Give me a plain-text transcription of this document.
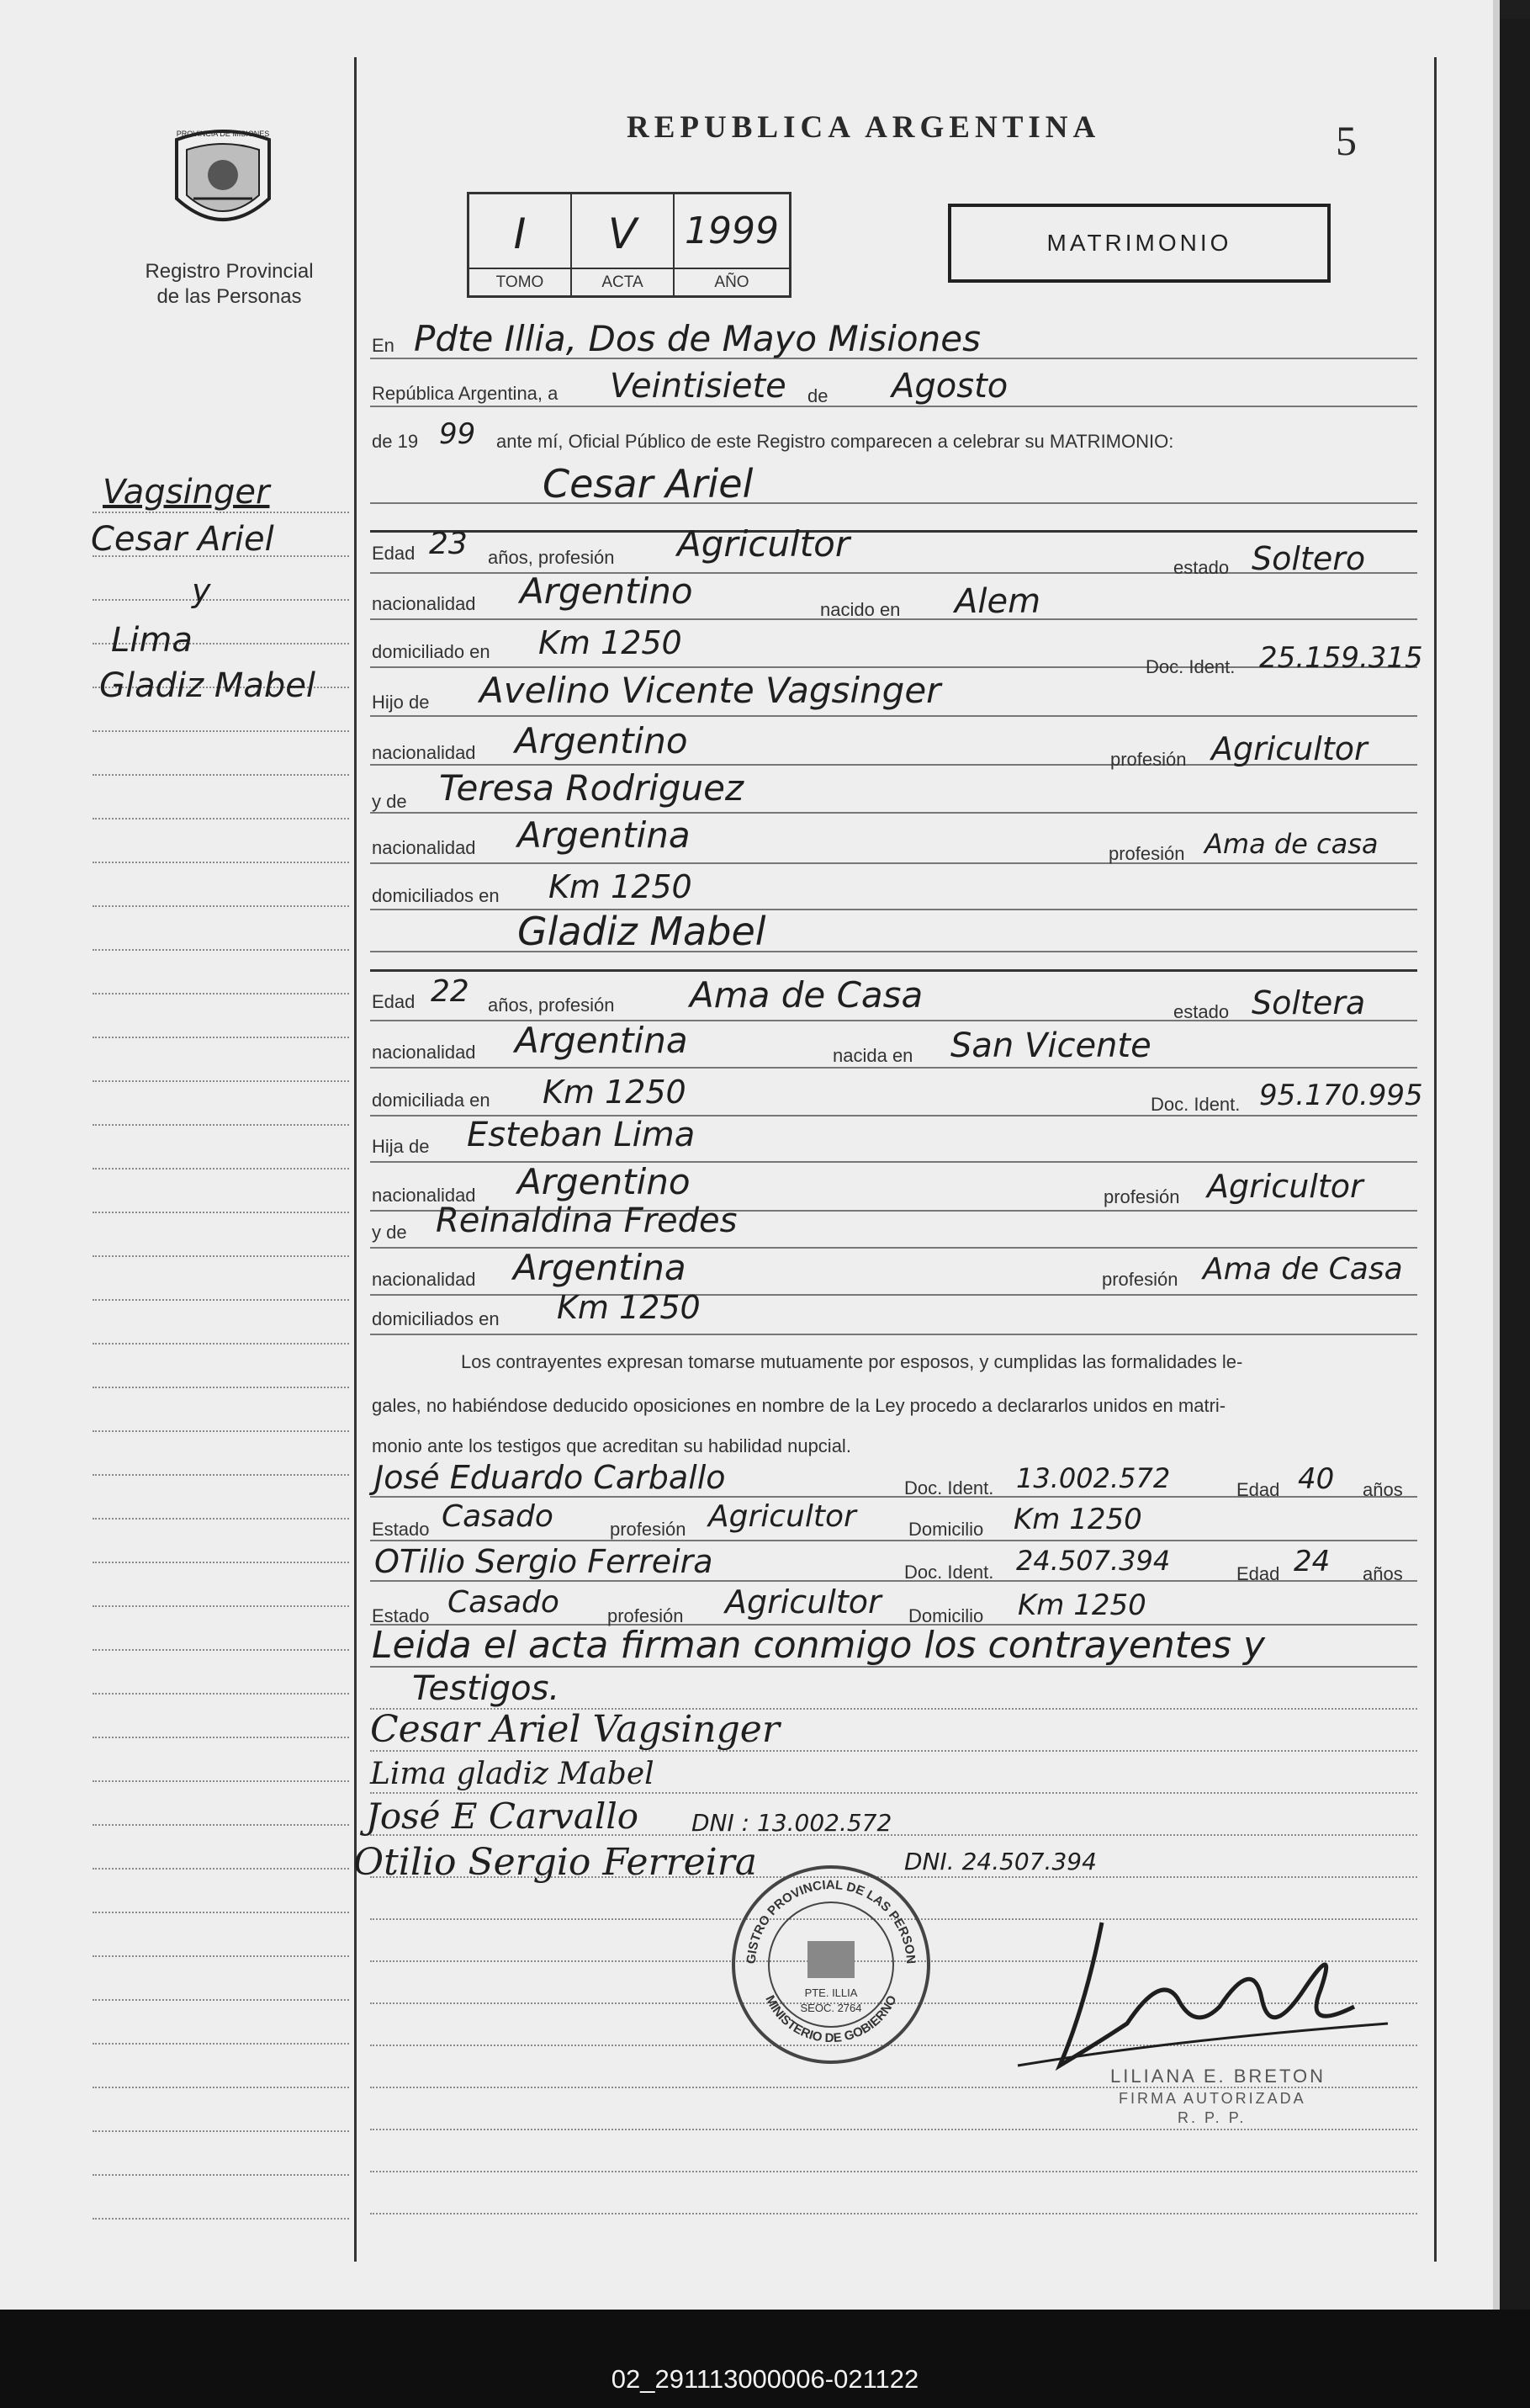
PROVINCIA DE MISIONES
Registro Provincial
de las Personas
REPUBLICA ARGENTINA	5
I
TOMO
V
ACTA
1999
AÑO
MATRIMONIO
Vagsinger
Cesar Ariel
y
Lima
Gladiz Mabel
En Pdte Illia, Dos de Mayo Misiones
República Argentina, a Veintisiete de Agosto
de 19 99 ante mí, Oficial Público de este Registro comparecen a celebrar su MATRIMONIO:
Cesar Ariel
Edad 23 años, profesión Agricultor
estado Soltero
nacionalidad Argentino	nacido en Alem
domiciliado en Km 1250
Doc. Ident. 25.159.315
Hijo de Avelino Vicente Vagsinger
nacionalidad Argentino	profesión Agricultor
y de Teresa Rodriguez
nacionalidad Argentina	profesión Ama de casa
domiciliados en Km 1250
Gladiz Mabel
Edad 22 años, profesión Ama de Casa	estado Soltera
nacionalidad Argentina	nacida en San Vicente
domiciliada en Km 1250	Doc. Ident. 95.170.995
Hija de Esteban Lima
nacionalidad Argentino	profesión Agricultor
y de Reinaldina Fredes
nacionalidad Argentina	profesión Ama de Casa
domiciliados en Km 1250
Los contrayentes expresan tomarse mutuamente por esposos, y cumplidas las formalidades le-
gales, no habiéndose deducido oposiciones en nombre de la Ley procedo a declararlos unidos en matri-
monio ante los testigos que acreditan su habilidad nupcial.
José Eduardo Carballo	Doc. Ident. 13.002.572	Edad 40 años
Estado Casado	profesión Agricultor	Domicilio Km 1250
OTilio Sergio Ferreira	Doc. Ident. 24.507.394	Edad 24 años
Estado Casado	profesión Agricultor Domicilio Km 1250
Leida el acta firman conmigo los contrayentes y
Testigos.
Cesar Ariel Vagsinger
Lima gladiz Mabel
José E Carvallo DNI : 13.002.572
Otilio Sergio Ferreira	DNI. 24.507.394
GISTRO PROVINCIAL DE LAS PERSON
MINISTERIO DE GOBIERNO
PTE. ILLIA
SEOC. 2764
LILIANA E. BRETON
FIRMA AUTORIZADA
R. P. P.
02_291113000006-021122
